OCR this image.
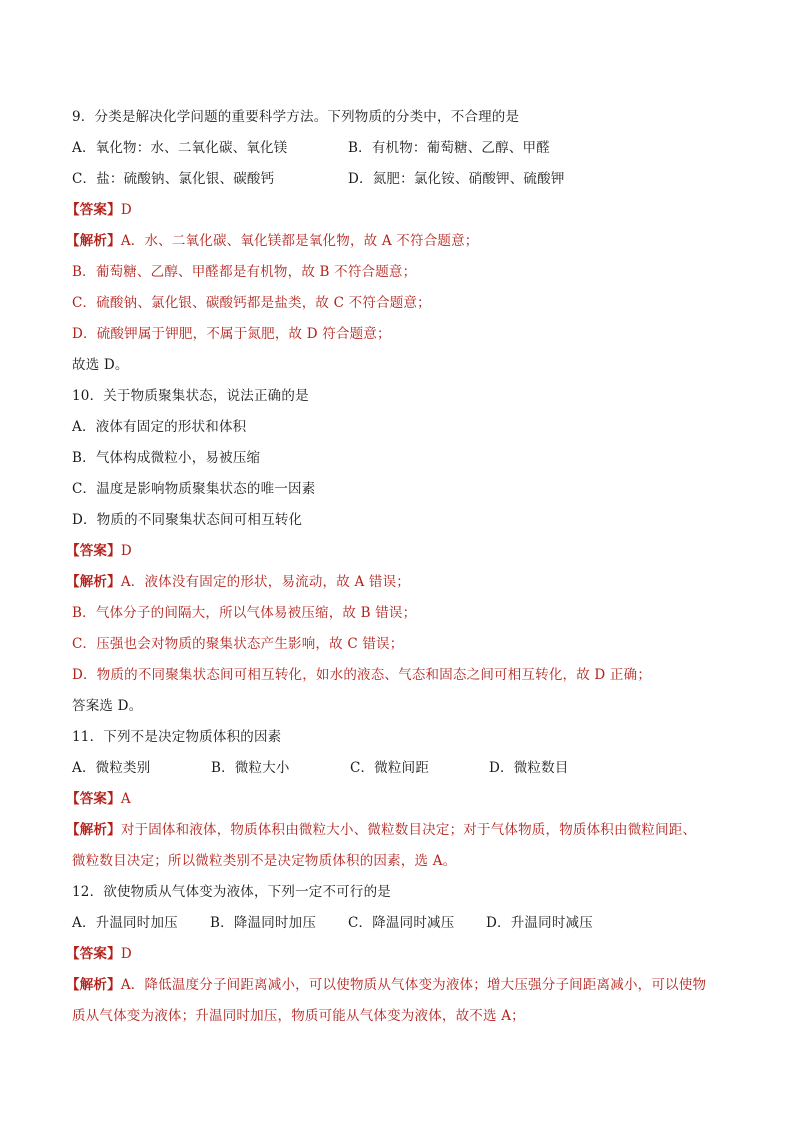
9．分类是解决化学问题的重要科学方法。下列物质的分类中，不合理的是
A．氧化物：水、二氧化碳、氧化镁	B．有机物：葡萄糖、乙醇、甲醛
C．盐：硫酸钠、氯化银、碳酸钙	D．氮肥：氯化铵、硝酸钾、硫酸钾
【答案】D
【解析】A．水、二氧化碳、氧化镁都是氧化物，故 A 不符合题意；
B．葡萄糖、乙醇、甲醛都是有机物，故 B 不符合题意；
C．硫酸钠、氯化银、碳酸钙都是盐类，故 C 不符合题意；
D．硫酸钾属于钾肥，不属于氮肥，故 D 符合题意；
故选 D。
10．关于物质聚集状态，说法正确的是
A．液体有固定的形状和体积
B．气体构成微粒小，易被压缩
C．温度是影响物质聚集状态的唯一因素
D．物质的不同聚集状态间可相互转化
【答案】D
【解析】A．液体没有固定的形状，易流动，故 A 错误；
B．气体分子的间隔大，所以气体易被压缩，故 B 错误；
C．压强也会对物质的聚集状态产生影响，故 C 错误；
D．物质的不同聚集状态间可相互转化，如水的液态、气态和固态之间可相互转化，故 D 正确；
答案选 D。
11．下列不是决定物质体积的因素
A．微粒类别	B．微粒大小	C．微粒间距	D．微粒数目
【答案】A
【解析】对于固体和液体，物质体积由微粒大小、微粒数目决定；对于气体物质，物质体积由微粒间距、
微粒数目决定；所以微粒类别不是决定物质体积的因素，选 A。
12．欲使物质从气体变为液体，下列一定不可行的是
A．升温同时加压	B．降温同时加压	C．降温同时减压	D．升温同时减压
【答案】D
【解析】A．降低温度分子间距离减小，可以使物质从气体变为液体；增大压强分子间距离减小，可以使物
质从气体变为液体；升温同时加压，物质可能从气体变为液体，故不选 A；
